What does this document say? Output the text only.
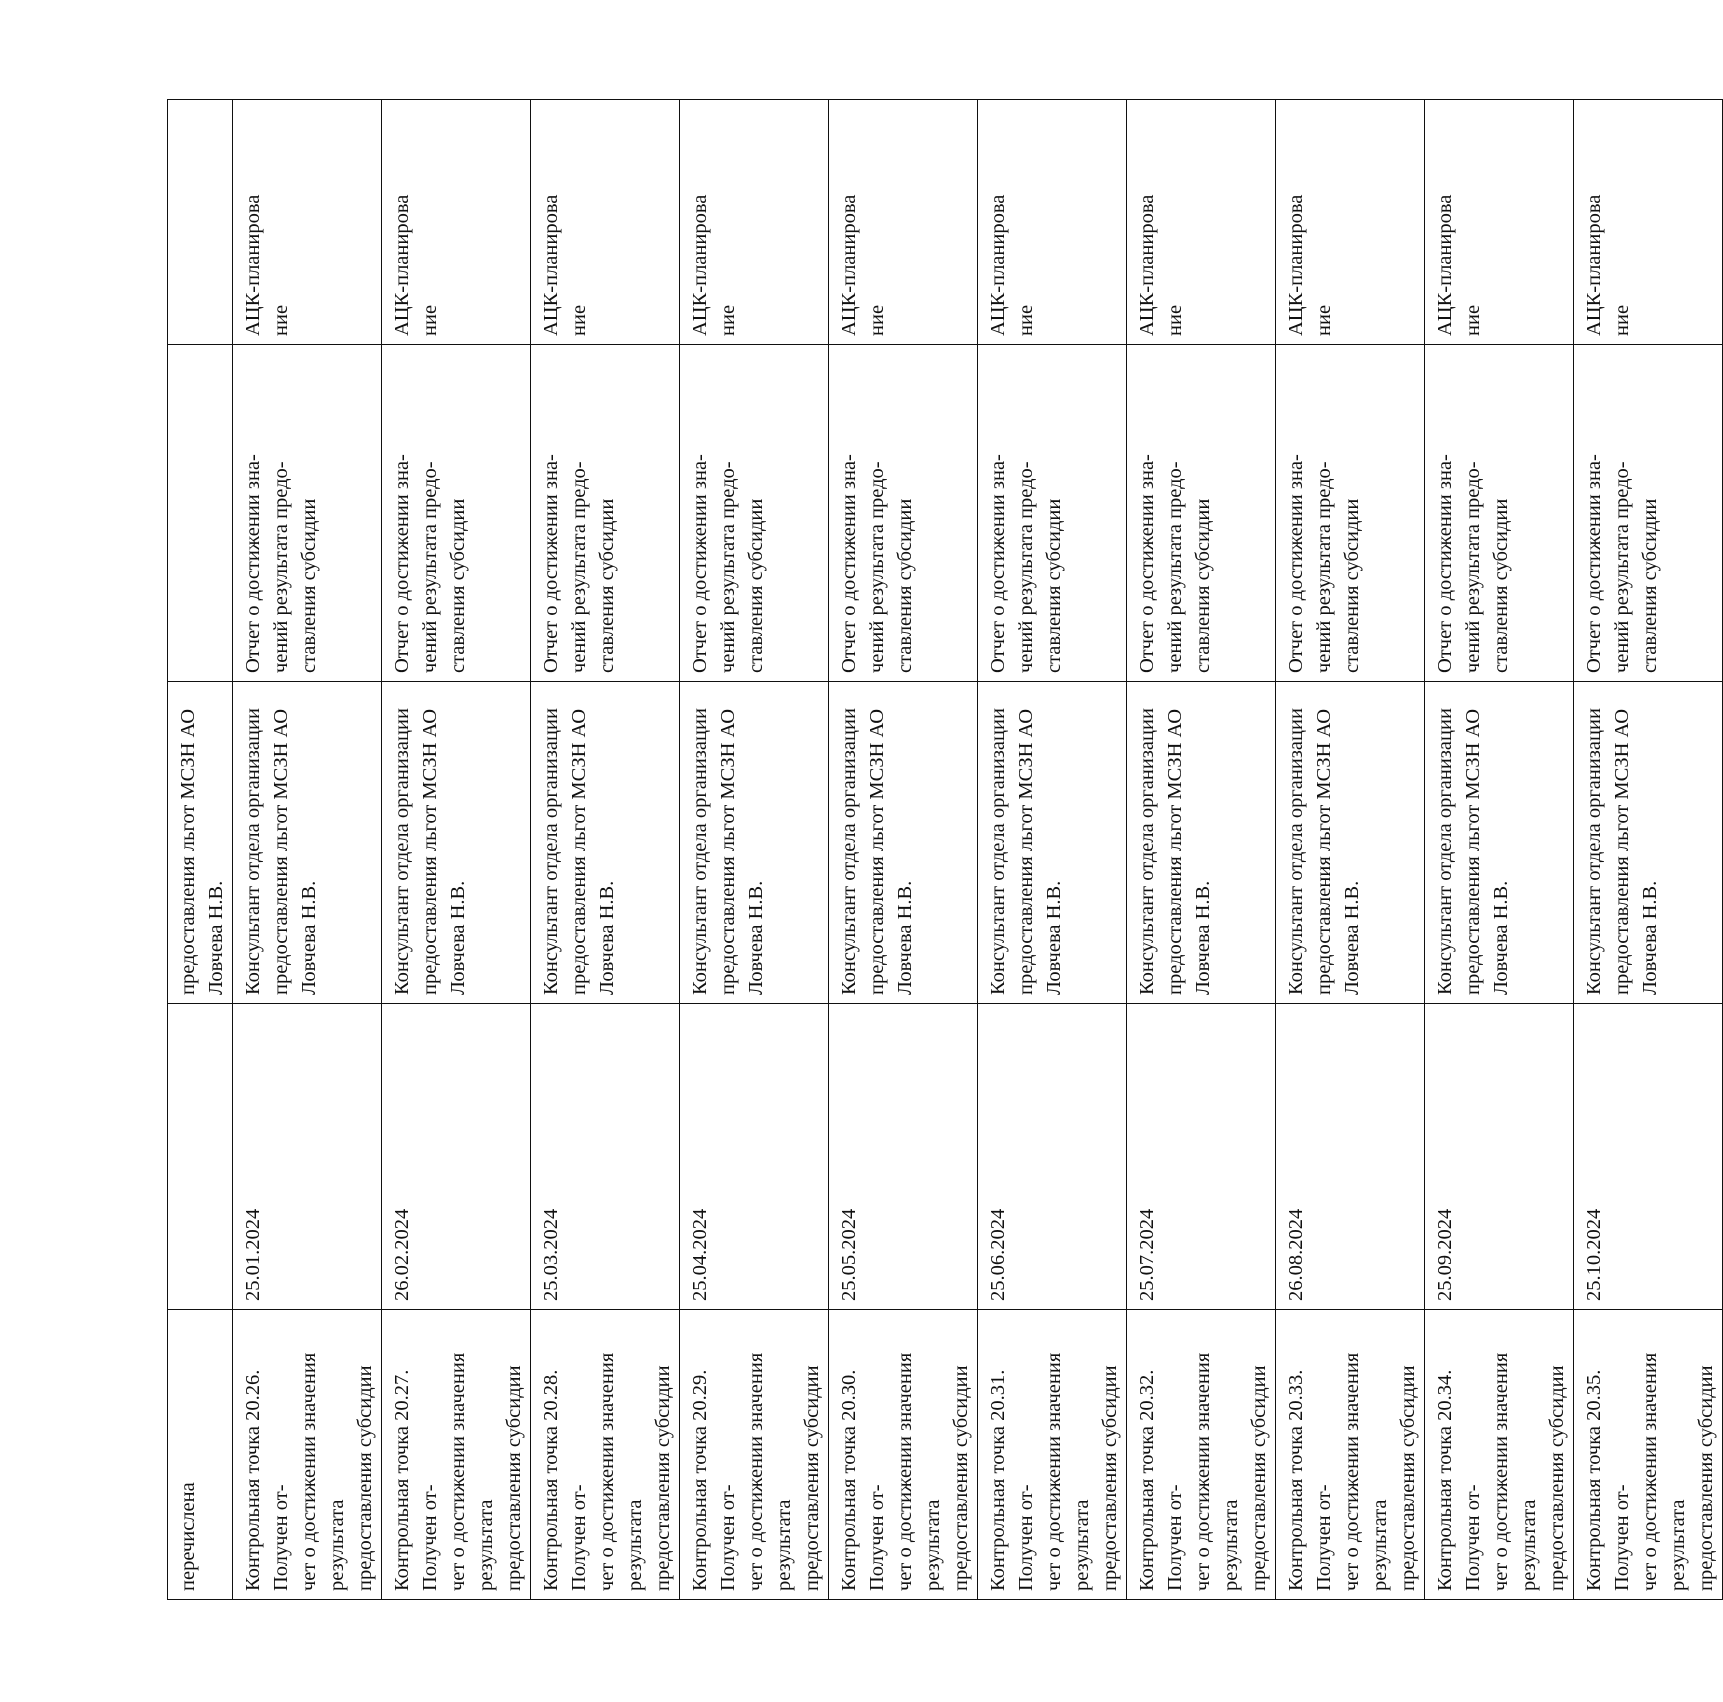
перечислена		предоставления льгот МСЗН АО
Ловчева Н.В.		
Контрольная точка 20.26. Получен от-
чет о достижении значения результата
предоставления субсидии	25.01.2024	Консультант отдела организации
предоставления льгот МСЗН АО
Ловчева Н.В.	Отчет о достижении зна-
чений результата предо-
ставления субсидии	АЦК-планирова
ние
Контрольная точка 20.27. Получен от-
чет о достижении значения результата
предоставления субсидии	26.02.2024	Консультант отдела организации
предоставления льгот МСЗН АО
Ловчева Н.В.	Отчет о достижении зна-
чений результата предо-
ставления субсидии	АЦК-планирова
ние
Контрольная точка 20.28. Получен от-
чет о достижении значения результата
предоставления субсидии	25.03.2024	Консультант отдела организации
предоставления льгот МСЗН АО
Ловчева Н.В.	Отчет о достижении зна-
чений результата предо-
ставления субсидии	АЦК-планирова
ние
Контрольная точка 20.29. Получен от-
чет о достижении значения результата
предоставления субсидии	25.04.2024	Консультант отдела организации
предоставления льгот МСЗН АО
Ловчева Н.В.	Отчет о достижении зна-
чений результата предо-
ставления субсидии	АЦК-планирова
ние
Контрольная точка 20.30. Получен от-
чет о достижении значения результата
предоставления субсидии	25.05.2024	Консультант отдела организации
предоставления льгот МСЗН АО
Ловчева Н.В.	Отчет о достижении зна-
чений результата предо-
ставления субсидии	АЦК-планирова
ние
Контрольная точка 20.31. Получен от-
чет о достижении значения результата
предоставления субсидии	25.06.2024	Консультант отдела организации
предоставления льгот МСЗН АО
Ловчева Н.В.	Отчет о достижении зна-
чений результата предо-
ставления субсидии	АЦК-планирова
ние
Контрольная точка 20.32. Получен от-
чет о достижении значения результата
предоставления субсидии	25.07.2024	Консультант отдела организации
предоставления льгот МСЗН АО
Ловчева Н.В.	Отчет о достижении зна-
чений результата предо-
ставления субсидии	АЦК-планирова
ние
Контрольная точка 20.33. Получен от-
чет о достижении значения результата
предоставления субсидии	26.08.2024	Консультант отдела организации
предоставления льгот МСЗН АО
Ловчева Н.В.	Отчет о достижении зна-
чений результата предо-
ставления субсидии	АЦК-планирова
ние
Контрольная точка 20.34. Получен от-
чет о достижении значения результата
предоставления субсидии	25.09.2024	Консультант отдела организации
предоставления льгот МСЗН АО
Ловчева Н.В.	Отчет о достижении зна-
чений результата предо-
ставления субсидии	АЦК-планирова
ние
Контрольная точка 20.35. Получен от-
чет о достижении значения результата
предоставления субсидии	25.10.2024	Консультант отдела организации
предоставления льгот МСЗН АО
Ловчева Н.В.	Отчет о достижении зна-
чений результата предо-
ставления субсидии	АЦК-планирова
ние
